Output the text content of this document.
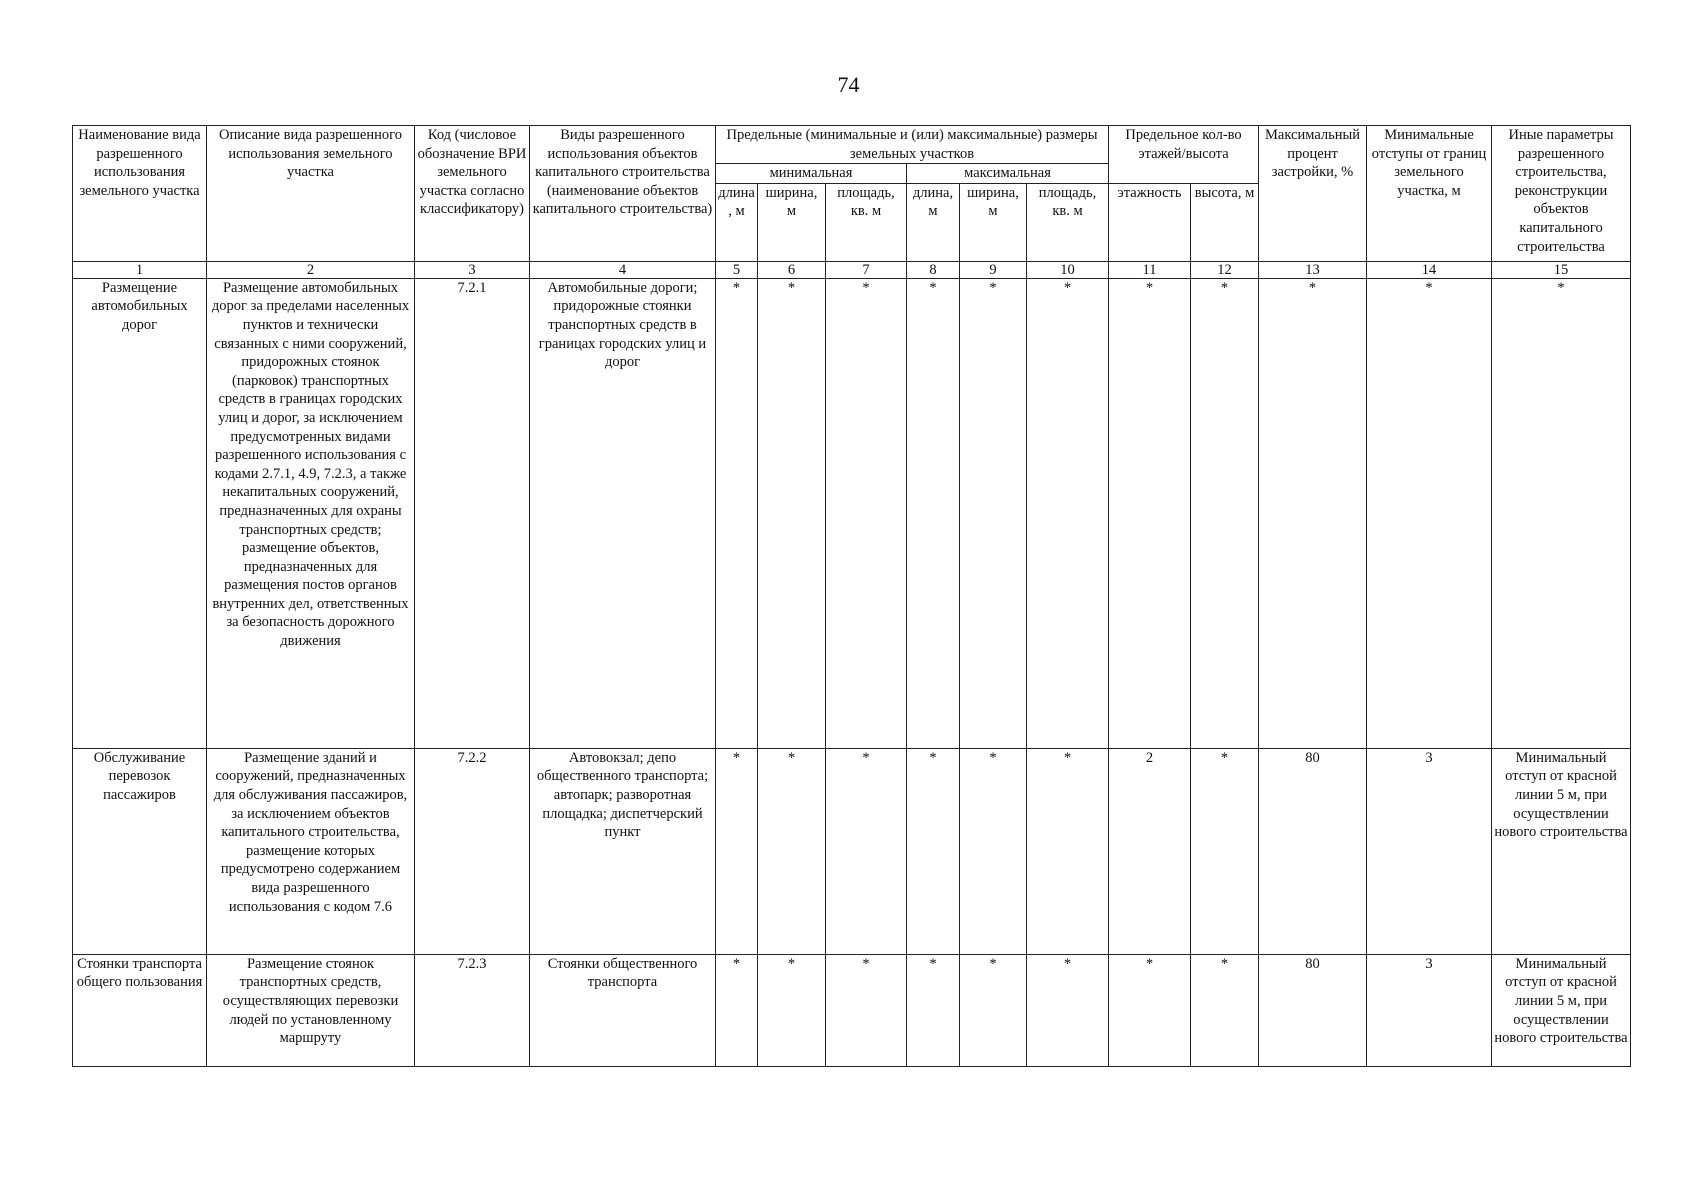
74
Наименование вида разрешенного использования земельного участка	Описание вида разрешенного использования земельного участка	Код (числовое обозначение ВРИ земельного участка согласно классификатору)	Виды разрешенного использования объектов капитального строительства (наименование объектов капитального строительства)	Предельные (минимальные и (или) максимальные) размеры земельных участков						Предельное кол-во этажей/высота		Максимальный процент застройки, %	Минимальные отступы от границ земельного участка, м	Иные параметры разрешенного строительства, реконструкции объектов капитального строительства
				минимальная			максимальная							
				длина, м	ширина, м	площадь, кв. м	длина, м	ширина, м	площадь, кв. м	этажность	высота, м			
1	2	3	4	5	6	7	8	9	10	11	12	13	14	15
Размещение автомобильных дорог	Размещение автомобильных дорог за пределами населенных пунктов и технически связанных с ними сооружений, придорожных стоянок (парковок) транспортных средств в границах городских улиц и дорог, за исключением предусмотренных видами разрешенного использования с кодами 2.7.1, 4.9, 7.2.3, а также некапитальных сооружений, предназначенных для охраны транспортных средств; размещение объектов, предназначенных для размещения постов органов внутренних дел, ответственных за безопасность дорожного движения	7.2.1	Автомобильные дороги; придорожные стоянки транспортных средств в границах городских улиц и дорог	*	*	*	*	*	*	*	*	*	*	*
Обслуживание перевозок пассажиров	Размещение зданий и сооружений, предназначенных для обслуживания пассажиров, за исключением объектов капитального строительства, размещение которых предусмотрено содержанием вида разрешенного использования с кодом 7.6	7.2.2	Автовокзал; депо общественного транспорта; автопарк; разворотная площадка; диспетчерский пункт	*	*	*	*	*	*	2	*	80	3	Минимальный отступ от красной линии 5 м, при осуществлении нового строительства
Стоянки транспорта общего пользования	Размещение стоянок транспортных средств, осуществляющих перевозки людей по установленному маршруту	7.2.3	Стоянки общественного транспорта	*	*	*	*	*	*	*	*	80	3	Минимальный отступ от красной линии 5 м, при осуществлении нового строительства
